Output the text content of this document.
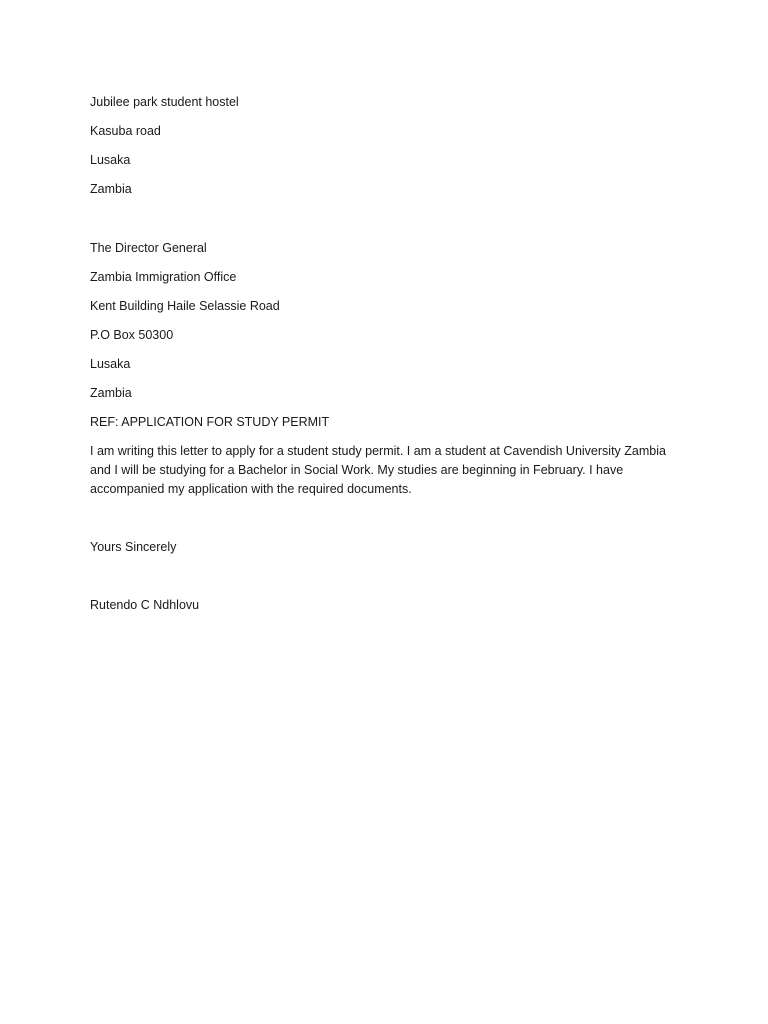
Jubilee park student hostel
Kasuba road
Lusaka
Zambia
The Director General
Zambia Immigration Office
Kent Building Haile Selassie Road
P.O Box 50300
Lusaka
Zambia
REF: APPLICATION FOR STUDY PERMIT

I am writing this letter to apply for a student study permit. I am a student at Cavendish University Zambia and I will be studying for a Bachelor in Social Work. My studies are beginning in February. I have accompanied my application with the required documents.

Yours Sincerely
Rutendo C Ndhlovu
